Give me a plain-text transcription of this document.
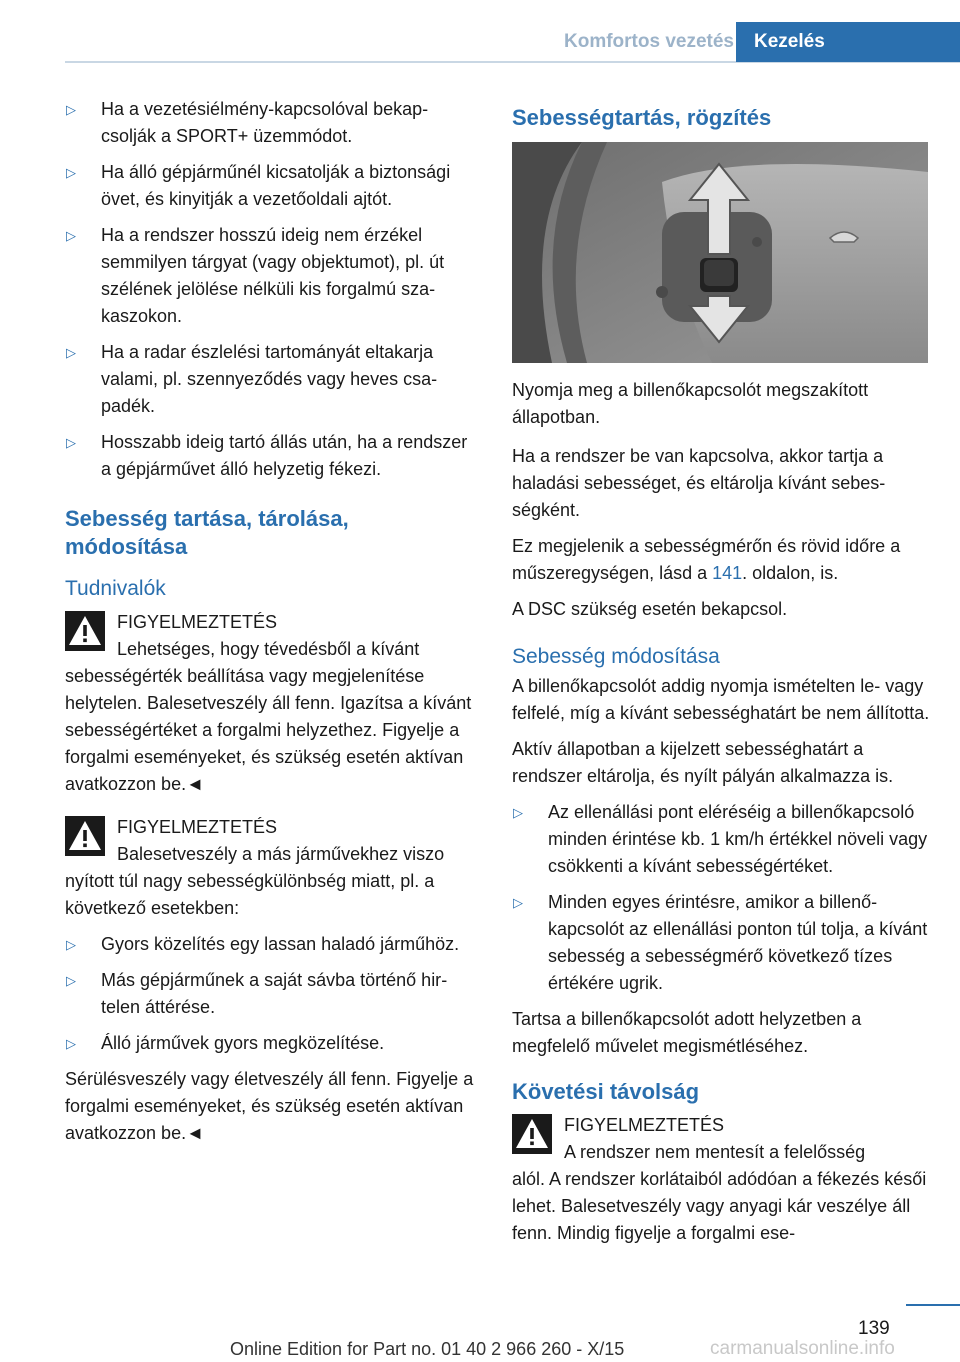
Komfortos vezetés	Kezelés
▷	Ha a vezetésiélmény-kapcsolóval bekapcsolják a SPORT+ üzemmódot.
▷	Ha álló gépjárműnél kicsatolják a biztonsági övet, és kinyitják a vezetőoldali ajtót.
▷	Ha a rendszer hosszú ideig nem érzékel semmilyen tárgyat (vagy objektumot), pl. út szélének jelölése nélküli kis forgalmú szakaszokon.
▷	Ha a radar észlelési tartományát eltakarja valami, pl. szennyeződés vagy heves csapadék.
▷	Hosszabb ideig tartó állás után, ha a rendszer a gépjárművet álló helyzetig fékezi.
Sebesség tartása, tárolása, módosítása
Tudnivalók
FIGYELMEZTETÉS
Lehetséges, hogy tévedésből a kívánt

sebességérték beállítása vagy megjelenítése helytelen. Balesetveszély áll fenn. Igazítsa a kívánt sebességértéket a forgalmi helyzethez. Figyelje a forgalmi eseményeket, és szükség esetén aktívan avatkozzon be.◄

FIGYELMEZTETÉS
Balesetveszély a más járművekhez viszo

nyított túl nagy sebességkülönbség miatt, pl. a következő esetekben:

▷	Gyors közelítés egy lassan haladó járműhöz.
▷	Más gépjárműnek a saját sávba történő hirtelen áttérése.
▷	Álló járművek gyors megközelítése.

Sérülésveszély vagy életveszély áll fenn. Figyelje a forgalmi eseményeket, és szükség esetén aktívan avatkozzon be.◄

Sebességtartás, rögzítés

Nyomja meg a billenőkapcsolót megszakított állapotban.

Ha a rendszer be van kapcsolva, akkor tartja a haladási sebességet, és eltárolja kívánt sebességként.

Ez megjelenik a sebességmérőn és rövid időre a műszeregységen, lásd a 141. oldalon, is.

A DSC szükség esetén bekapcsol.

Sebesség módosítása

A billenőkapcsolót addig nyomja ismételten le- vagy felfelé, míg a kívánt sebességhatárt be nem állította.

Aktív állapotban a kijelzett sebességhatárt a rendszer eltárolja, és nyílt pályán alkalmazza is.

▷	Az ellenállási pont eléréséig a billenőkapcsoló minden érintése kb. 1 km/h értékkel növeli vagy csökkenti a kívánt sebességértéket.
▷	Minden egyes érintésre, amikor a billenőkapcsolót az ellenállási ponton túl tolja, a kívánt sebesség a sebességmérő következő tízes értékére ugrik.

Tartsa a billenőkapcsolót adott helyzetben a megfelelő művelet megismétléséhez.

Követési távolság
FIGYELMEZTETÉS
A rendszer nem mentesít a felelősség

alól. A rendszer korlátaiból adódóan a fékezés késői lehet. Balesetveszély vagy anyagi kár veszélye áll fenn. Mindig figyelje a forgalmi ese-

139
Online Edition for Part no. 01 40 2 966 260 - X/15	carmanualsonline.info
